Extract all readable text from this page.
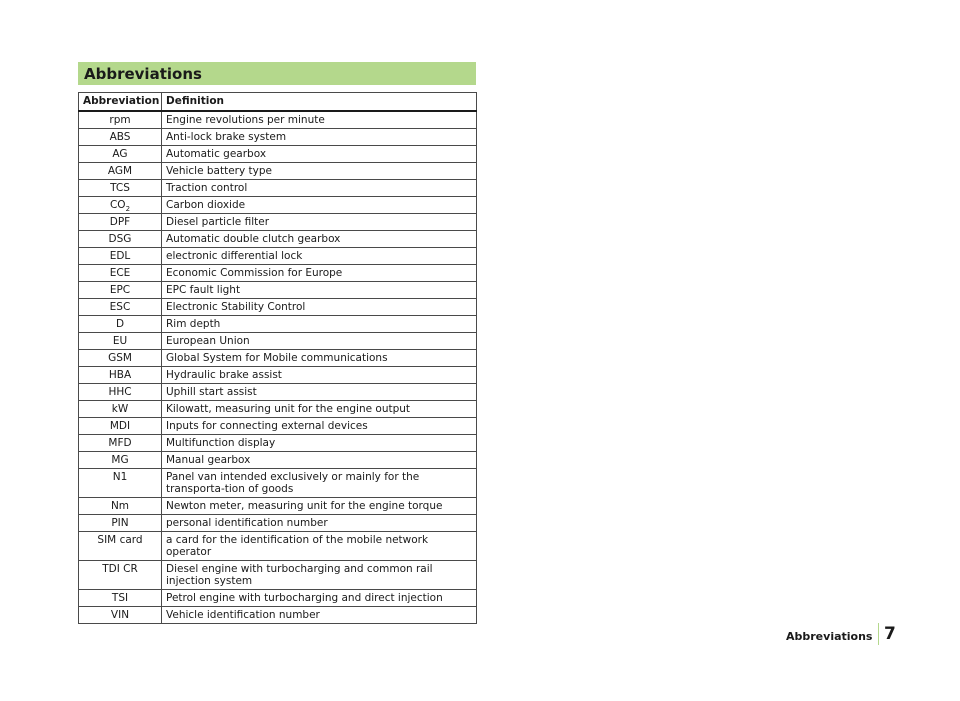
Abbreviations
Abbreviation	Definition
rpm	Engine revolutions per minute
ABS	Anti-lock brake system
AG	Automatic gearbox
AGM	Vehicle battery type
TCS	Traction control
$CO_2$	Carbon dioxide
DPF	Diesel particle filter
DSG	Automatic double clutch gearbox
EDL	electronic differential lock
ECE	Economic Commission for Europe
EPC	EPC fault light
ESC	Electronic Stability Control
D	Rim depth
EU	European Union
GSM	Global System for Mobile communications
HBA	Hydraulic brake assist
HHC	Uphill start assist
kW	Kilowatt, measuring unit for the engine output
MDI	Inputs for connecting external devices
MFD	Multifunction display
MG	Manual gearbox
N1	Panel van intended exclusively or mainly for the transporta-tion of goods
Nm	Newton meter, measuring unit for the engine torque
PIN	personal identification number
SIM card	a card for the identification of the mobile network operator
TDI CR	Diesel engine with turbocharging and common rail injection system
TSI	Petrol engine with turbocharging and direct injection
VIN	Vehicle identification number
Abbreviations 7
